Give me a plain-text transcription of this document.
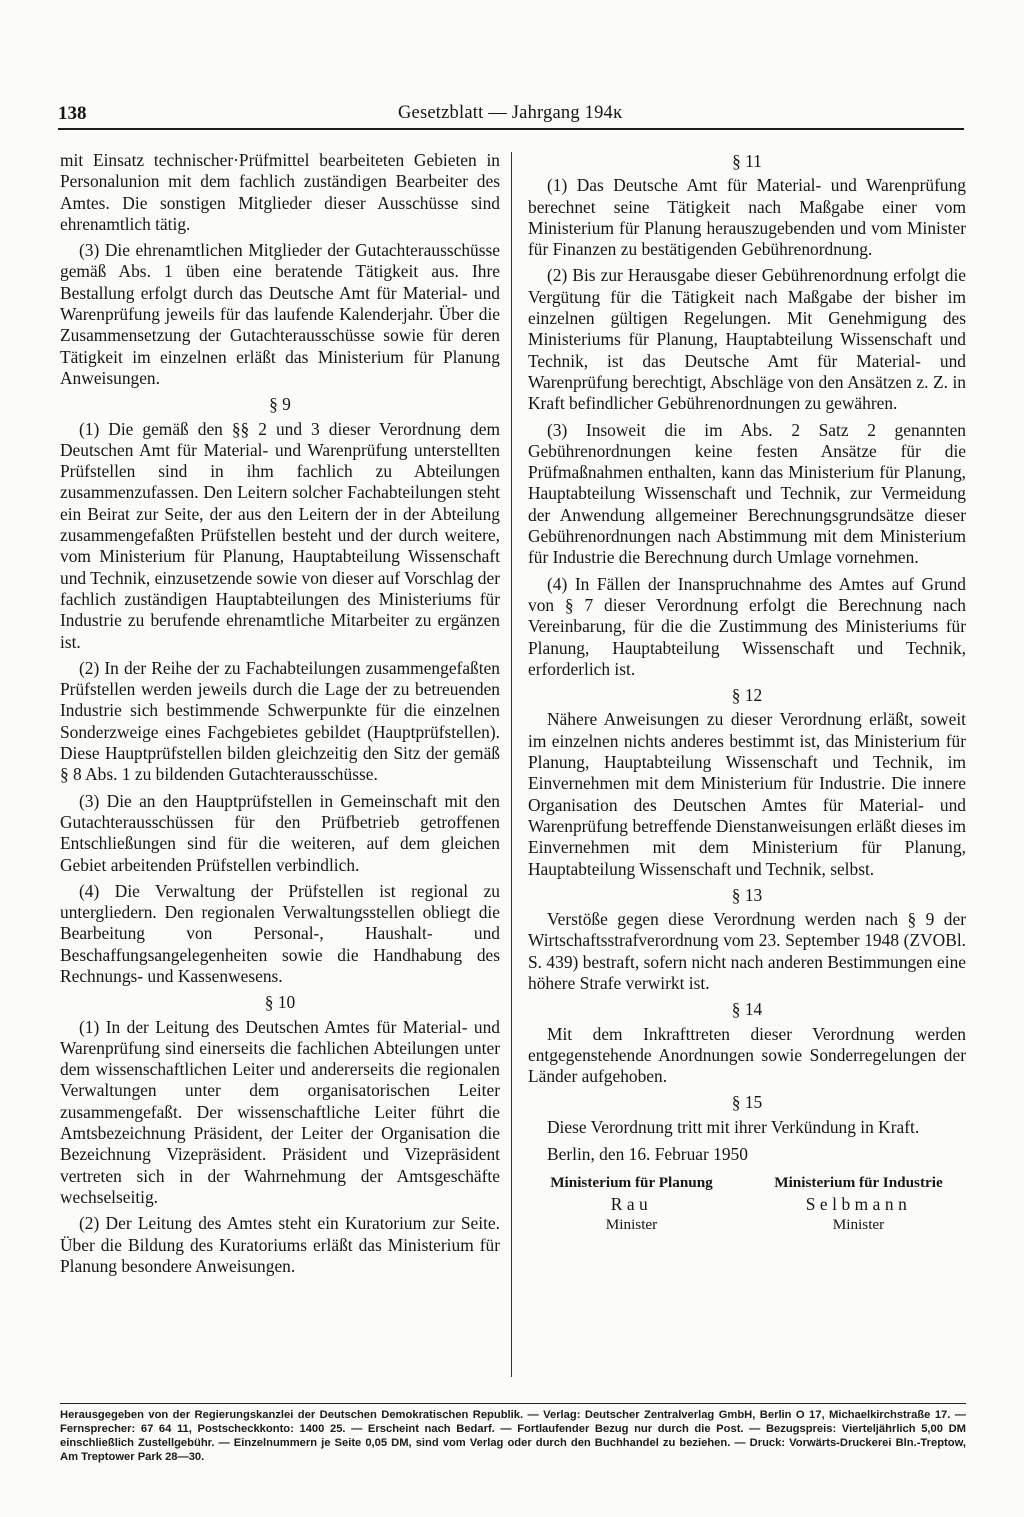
138	Gesetzblatt — Jahrgang 194ĸ

mit Einsatz technischer·Prüfmittel bearbeiteten Gebieten in Personalunion mit dem fachlich zuständigen Bearbeiter des Amtes. Die sonstigen Mitglieder dieser Ausschüsse sind ehrenamtlich tätig.

(3) Die ehrenamtlichen Mitglieder der Gutachterausschüsse gemäß Abs. 1 üben eine beratende Tätigkeit aus. Ihre Bestallung erfolgt durch das Deutsche Amt für Material- und Warenprüfung jeweils für das laufende Kalenderjahr. Über die Zusammensetzung der Gutachterausschüsse sowie für deren Tätigkeit im einzelnen erläßt das Ministerium für Planung Anweisungen.

§ 9

(1) Die gemäß den §§ 2 und 3 dieser Verordnung dem Deutschen Amt für Material- und Warenprüfung unterstellten Prüfstellen sind in ihm fachlich zu Abteilungen zusammenzufassen. Den Leitern solcher Fachabteilungen steht ein Beirat zur Seite, der aus den Leitern der in der Abteilung zusammengefaßten Prüfstellen besteht und der durch weitere, vom Ministerium für Planung, Hauptabteilung Wissenschaft und Technik, einzusetzende sowie von dieser auf Vorschlag der fachlich zuständigen Hauptabteilungen des Ministeriums für Industrie zu berufende ehrenamtliche Mitarbeiter zu ergänzen ist.

(2) In der Reihe der zu Fachabteilungen zusammengefaßten Prüfstellen werden jeweils durch die Lage der zu betreuenden Industrie sich bestimmende Schwerpunkte für die einzelnen Sonderzweige eines Fachgebietes gebildet (Hauptprüfstellen). Diese Hauptprüfstellen bilden gleichzeitig den Sitz der gemäß § 8 Abs. 1 zu bildenden Gutachterausschüsse.

(3) Die an den Hauptprüfstellen in Gemeinschaft mit den Gutachterausschüssen für den Prüfbetrieb getroffenen Entschließungen sind für die weiteren, auf dem gleichen Gebiet arbeitenden Prüfstellen verbindlich.

(4) Die Verwaltung der Prüfstellen ist regional zu untergliedern. Den regionalen Verwaltungsstellen obliegt die Bearbeitung von Personal-, Haushalt- und Beschaffungsangelegenheiten sowie die Handhabung des Rechnungs- und Kassenwesens.

§ 10

(1) In der Leitung des Deutschen Amtes für Material- und Warenprüfung sind einerseits die fachlichen Abteilungen unter dem wissenschaftlichen Leiter und andererseits die regionalen Verwaltungen unter dem organisatorischen Leiter zusammengefaßt. Der wissenschaftliche Leiter führt die Amtsbezeichnung Präsident, der Leiter der Organisation die Bezeichnung Vizepräsident. Präsident und Vizepräsident vertreten sich in der Wahrnehmung der Amtsgeschäfte wechselseitig.

(2) Der Leitung des Amtes steht ein Kuratorium zur Seite. Über die Bildung des Kuratoriums erläßt das Ministerium für Planung besondere Anweisungen.

§ 11

(1) Das Deutsche Amt für Material- und Warenprüfung berechnet seine Tätigkeit nach Maßgabe einer vom Ministerium für Planung herauszugebenden und vom Minister für Finanzen zu bestätigenden Gebührenordnung.

(2) Bis zur Herausgabe dieser Gebührenordnung erfolgt die Vergütung für die Tätigkeit nach Maßgabe der bisher im einzelnen gültigen Regelungen. Mit Genehmigung des Ministeriums für Planung, Hauptabteilung Wissenschaft und Technik, ist das Deutsche Amt für Material- und Warenprüfung berechtigt, Abschläge von den Ansätzen z. Z. in Kraft befindlicher Gebührenordnungen zu gewähren.

(3) Insoweit die im Abs. 2 Satz 2 genannten Gebührenordnungen keine festen Ansätze für die Prüfmaßnahmen enthalten, kann das Ministerium für Planung, Hauptabteilung Wissenschaft und Technik, zur Vermeidung der Anwendung allgemeiner Berechnungsgrundsätze dieser Gebührenordnungen nach Abstimmung mit dem Ministerium für Industrie die Berechnung durch Umlage vornehmen.

(4) In Fällen der Inanspruchnahme des Amtes auf Grund von § 7 dieser Verordnung erfolgt die Berechnung nach Vereinbarung, für die die Zustimmung des Ministeriums für Planung, Hauptabteilung Wissenschaft und Technik, erforderlich ist.

§ 12

Nähere Anweisungen zu dieser Verordnung erläßt, soweit im einzelnen nichts anderes bestimmt ist, das Ministerium für Planung, Hauptabteilung Wissenschaft und Technik, im Einvernehmen mit dem Ministerium für Industrie. Die innere Organisation des Deutschen Amtes für Material- und Warenprüfung betreffende Dienstanweisungen erläßt dieses im Einvernehmen mit dem Ministerium für Planung, Hauptabteilung Wissenschaft und Technik, selbst.

§ 13

Verstöße gegen diese Verordnung werden nach § 9 der Wirtschaftsstrafverordnung vom 23. September 1948 (ZVOBl. S. 439) bestraft, sofern nicht nach anderen Bestimmungen eine höhere Strafe verwirkt ist.

§ 14

Mit dem Inkrafttreten dieser Verordnung werden entgegenstehende Anordnungen sowie Sonderregelungen der Länder aufgehoben.

§ 15

Diese Verordnung tritt mit ihrer Verkündung in Kraft.

Berlin, den 16. Februar 1950
Ministerium für Planung
Rau
Minister
Ministerium für Industrie
Selbmann
Minister

Herausgegeben von der Regierungskanzlei der Deutschen Demokratischen Republik. — Verlag: Deutscher Zentralverlag GmbH, Berlin O 17, Michaelkirchstraße 17. — Fernsprecher: 67 64 11, Postscheckkonto: 1400 25. — Erscheint nach Bedarf. — Fortlaufender Bezug nur durch die Post. — Bezugspreis: Vierteljährlich 5,00 DM einschließlich Zustellgebühr. — Einzelnummern je Seite 0,05 DM, sind vom Verlag oder durch den Buchhandel zu beziehen. — Druck: Vorwärts-Druckerei Bln.-Treptow, Am Treptower Park 28—30.
